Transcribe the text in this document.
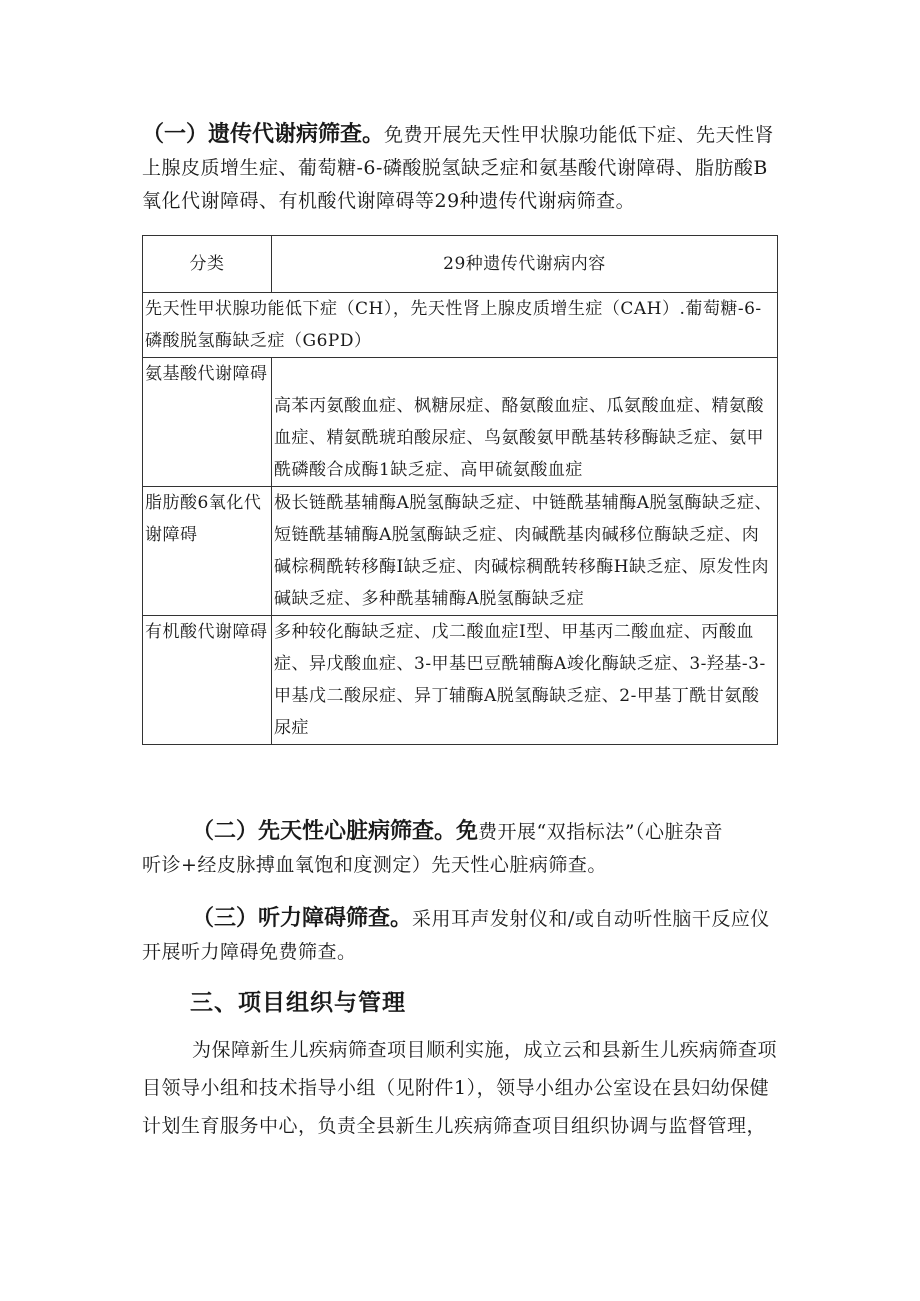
（一）遗传代谢病筛查。免费开展先天性甲状腺功能低下症、先天性肾上腺皮质增生症、葡萄糖-6-磷酸脱氢缺乏症和氨基酸代谢障碍、脂肪酸B氧化代谢障碍、有机酸代谢障碍等29种遗传代谢病筛查。
分类	29种遗传代谢病内容
先天性甲状腺功能低下症（CH），先天性肾上腺皮质增生症（CAH）.葡萄糖-6-磷酸脱氢酶缺乏症（G6PD）	
氨基酸代谢障碍	高苯丙氨酸血症、枫糖尿症、酪氨酸血症、瓜氨酸血症、精氨酸血症、精氨酰琥珀酸尿症、鸟氨酸氨甲酰基转移酶缺乏症、氨甲酰磷酸合成酶1缺乏症、高甲硫氨酸血症
脂肪酸6氧化代谢障碍	极长链酰基辅酶A脱氢酶缺乏症、中链酰基辅酶A脱氢酶缺乏症、短链酰基辅酶A脱氢酶缺乏症、肉碱酰基肉碱移位酶缺乏症、肉碱棕稠酰转移酶I缺乏症、肉碱棕稠酰转移酶H缺乏症、原发性肉碱缺乏症、多种酰基辅酶A脱氢酶缺乏症
有机酸代谢障碍	多种较化酶缺乏症、戊二酸血症I型、甲基丙二酸血症、丙酸血症、异戊酸血症、3-甲基巴豆酰辅酶A竣化酶缺乏症、3-羟基-3-甲基戊二酸尿症、异丁辅酶A脱氢酶缺乏症、2-甲基丁酰甘氨酸尿症
（二）先天性心脏病筛查。免费开展“双指标法”（心脏杂音听诊+经皮脉搏血氧饱和度测定）先天性心脏病筛查。
（三）听力障碍筛查。采用耳声发射仪和/或自动听性脑干反应仪开展听力障碍免费筛查。
三、项目组织与管理
为保障新生儿疾病筛查项目顺利实施，成立云和县新生儿疾病筛查项目领导小组和技术指导小组（见附件1），领导小组办公室设在县妇幼保健计划生育服务中心，负责全县新生儿疾病筛查项目组织协调与监督管理，
